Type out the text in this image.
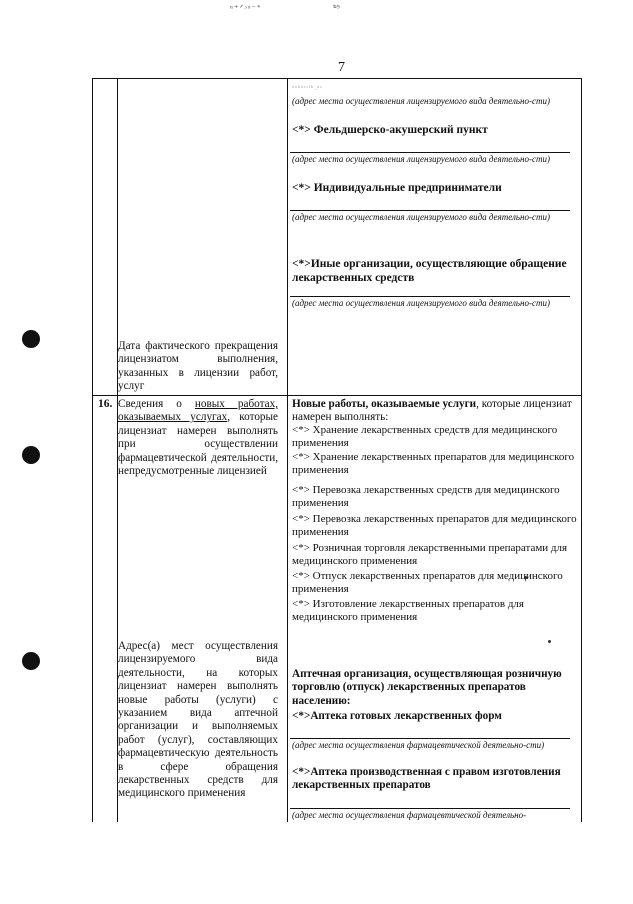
ⁿ⁺ᐟᵓᵒ⁻ᐩ	ᒃ⁹
7
ᶻᵃʰᵃᵗˢˡᵏ.ᵘᶜ
(адрес места осуществления лицензируемого вида деятельно-сти)
<*> Фельдшерско-акушерский пункт
(адрес места осуществления лицензируемого вида деятельно-сти)
<*> Индивидуальные предприниматели
(адрес места осуществления лицензируемого вида деятельно-сти)
<*>Иные организации, осуществляющие обращение лекарственных средств
(адрес места осуществления лицензируемого вида деятельно-сти)
Дата фактического прекращения лицензиатом выполнения, указанных в лицензии работ, услуг
16. Сведения о новых работах, оказываемых услугах, которые лицензиат намерен выполнять при осуществлении фармацевтической деятельности, непредусмотренные лицензией
Новые работы, оказываемые услуги, которые лицензиат намерен выполнять:
<*> Хранение лекарственных средств для медицинского применения
<*> Хранение лекарственных препаратов для медицинского применения
<*> Перевозка лекарственных средств для медицинского применения
<*> Перевозка лекарственных препаратов для медицинского применения
<*> Розничная торговля лекарственными препаратами для медицинского применения
<*> Отпуск лекарственных препаратов для медицинского применения
<*> Изготовление лекарственных препаратов для медицинского применения
Адрес(а) мест осуществления лицензируемого вида деятельности, на которых лицензиат намерен выполнять новые работы (услуги) с указанием вида аптечной организации и выполняемых работ (услуг), составляющих фармацевтическую деятельность в сфере обращения лекарственных средств для медицинского применения
Аптечная организация, осуществляющая розничную торговлю (отпуск) лекарственных препаратов населению:
<*>Аптека готовых лекарственных форм
(адрес места осуществления фармацевтической деятельно-сти)
<*>Аптека производственная с правом изготовления лекарственных препаратов
(адрес места осуществления фармацевтической деятельно-
